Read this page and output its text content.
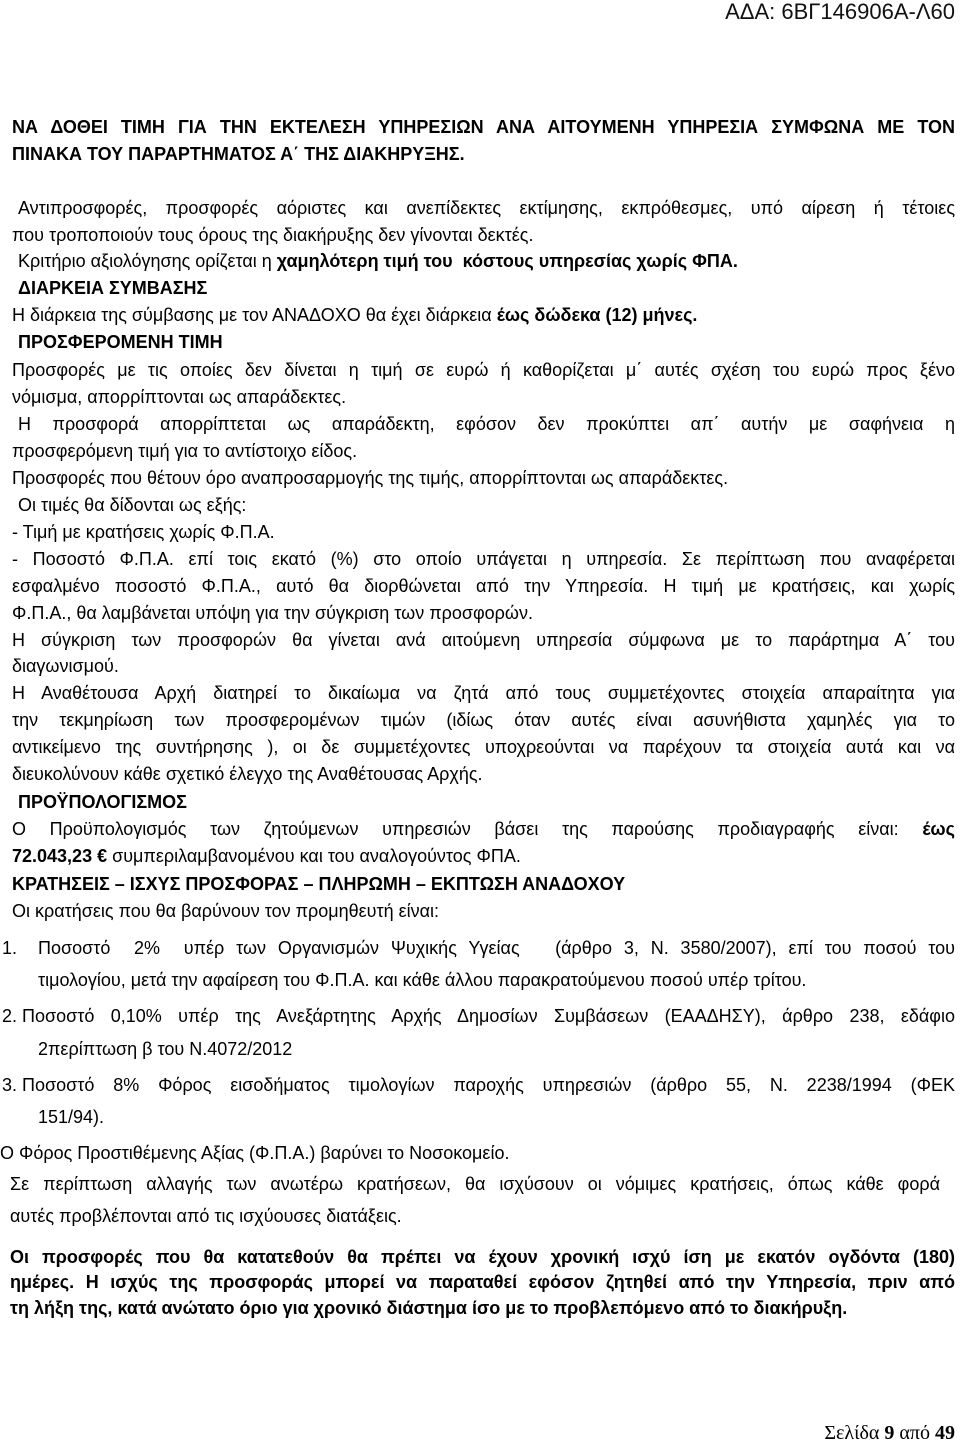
ΑΔΑ: 6ΒΓ146906Α-Λ60
ΝΑ ΔΟΘΕΙ ΤΙΜΗ ΓΙΑ ΤΗΝ ΕΚΤΕΛΕΣΗ ΥΠΗΡΕΣΙΩΝ ΑΝΑ ΑΙΤΟΥΜΕΝΗ ΥΠΗΡΕΣΙΑ ΣΥΜΦΩΝΑ ΜΕ ΤΟΝ
ΠΙΝΑΚΑ ΤΟΥ ΠΑΡΑΡΤΗΜΑΤΟΣ Α΄ ΤΗΣ ΔΙΑΚΗΡΥΞΗΣ.
Αντιπροσφορές, προσφορές αόριστες και ανεπίδεκτες εκτίμησης, εκπρόθεσμες, υπό αίρεση ή τέτοιες
που τροποποιούν τους όρους της διακήρυξης δεν γίνονται δεκτές.
Κριτήριο αξιολόγησης ορίζεται η χαμηλότερη τιμή του  κόστους υπηρεσίας χωρίς ΦΠΑ.
ΔΙΑΡΚΕΙΑ ΣΥΜΒΑΣΗΣ
Η διάρκεια της σύμβασης με τον ΑΝΑΔΟΧΟ θα έχει διάρκεια έως δώδεκα (12) μήνες.
ΠΡΟΣΦΕΡΟΜΕΝΗ ΤΙΜΗ
Προσφορές με τις οποίες δεν δίνεται η τιμή σε ευρώ ή καθορίζεται μ΄ αυτές σχέση του ευρώ προς ξένο
νόμισμα, απορρίπτονται ως απαράδεκτες.
Η προσφορά απορρίπτεται ως απαράδεκτη, εφόσον δεν προκύπτει απ΄ αυτήν με σαφήνεια η
προσφερόμενη τιμή για το αντίστοιχο είδος.
Προσφορές που θέτουν όρο αναπροσαρμογής της τιμής, απορρίπτονται ως απαράδεκτες.
Οι τιμές θα δίδονται ως εξής:
- Τιμή με κρατήσεις χωρίς Φ.Π.Α.
- Ποσοστό Φ.Π.Α. επί τοις εκατό (%) στο οποίο υπάγεται η υπηρεσία. Σε περίπτωση που αναφέρεται
εσφαλμένο ποσοστό Φ.Π.Α., αυτό θα διορθώνεται από την Υπηρεσία. Η τιμή με κρατήσεις, και χωρίς
Φ.Π.Α., θα λαμβάνεται υπόψη για την σύγκριση των προσφορών.
Η σύγκριση των προσφορών θα γίνεται ανά αιτούμενη υπηρεσία σύμφωνα με το παράρτημα Α΄ του
διαγωνισμού.
Η Αναθέτουσα Αρχή διατηρεί το δικαίωμα να ζητά από τους συμμετέχοντες στοιχεία απαραίτητα για
την τεκμηρίωση των προσφερομένων τιμών (ιδίως όταν αυτές είναι ασυνήθιστα χαμηλές για το
αντικείμενο της συντήρησης ), οι δε συμμετέχοντες υποχρεούνται να παρέχουν τα στοιχεία αυτά και να
διευκολύνουν κάθε σχετικό έλεγχο της Αναθέτουσας Αρχής.
ΠΡΟΫΠΟΛΟΓΙΣΜΟΣ
Ο Προϋπολογισμός των ζητούμενων υπηρεσιών βάσει της παρούσης προδιαγραφής είναι: έως
72.043,23 € συμπεριλαμβανομένου και του αναλογούντος ΦΠΑ.
ΚΡΑΤΗΣΕΙΣ – ΙΣΧΥΣ ΠΡΟΣΦΟΡΑΣ – ΠΛΗΡΩΜΗ – ΕΚΠΤΩΣΗ ΑΝΑΔΟΧΟΥ
Οι κρατήσεις που θα βαρύνουν τον προμηθευτή είναι:
1. Ποσοστό  2%  υπέρ των Οργανισμών Ψυχικής Υγείας   (άρθρο 3, Ν. 3580/2007), επί του ποσού του
τιμολογίου, μετά την αφαίρεση του Φ.Π.Α. και κάθε άλλου παρακρατούμενου ποσού υπέρ τρίτου.
2. Ποσοστό 0,10% υπέρ της Ανεξάρτητης Αρχής Δημοσίων Συμβάσεων (ΕΑΑΔΗΣΥ), άρθρο 238, εδάφιο
2περίπτωση β του Ν.4072/2012
3. Ποσοστό 8% Φόρος εισοδήματος τιμολογίων παροχής υπηρεσιών (άρθρο 55, Ν. 2238/1994 (ΦΕΚ
151/94).
Ο Φόρος Προστιθέμενης Αξίας (Φ.Π.Α.) βαρύνει το Νοσοκομείο.
Σε περίπτωση αλλαγής των ανωτέρω κρατήσεων, θα ισχύσουν οι νόμιμες κρατήσεις, όπως κάθε φορά
αυτές προβλέπονται από τις ισχύουσες διατάξεις.
Οι προσφορές που θα κατατεθούν θα πρέπει να έχουν χρονική ισχύ ίση με εκατόν ογδόντα (180)
ημέρες. Η ισχύς της προσφοράς μπορεί να παραταθεί εφόσον ζητηθεί από την Υπηρεσία, πριν από
τη λήξη της, κατά ανώτατο όριο για χρονικό διάστημα ίσο με το προβλεπόμενο από το διακήρυξη.
Σελίδα 9 από 49
